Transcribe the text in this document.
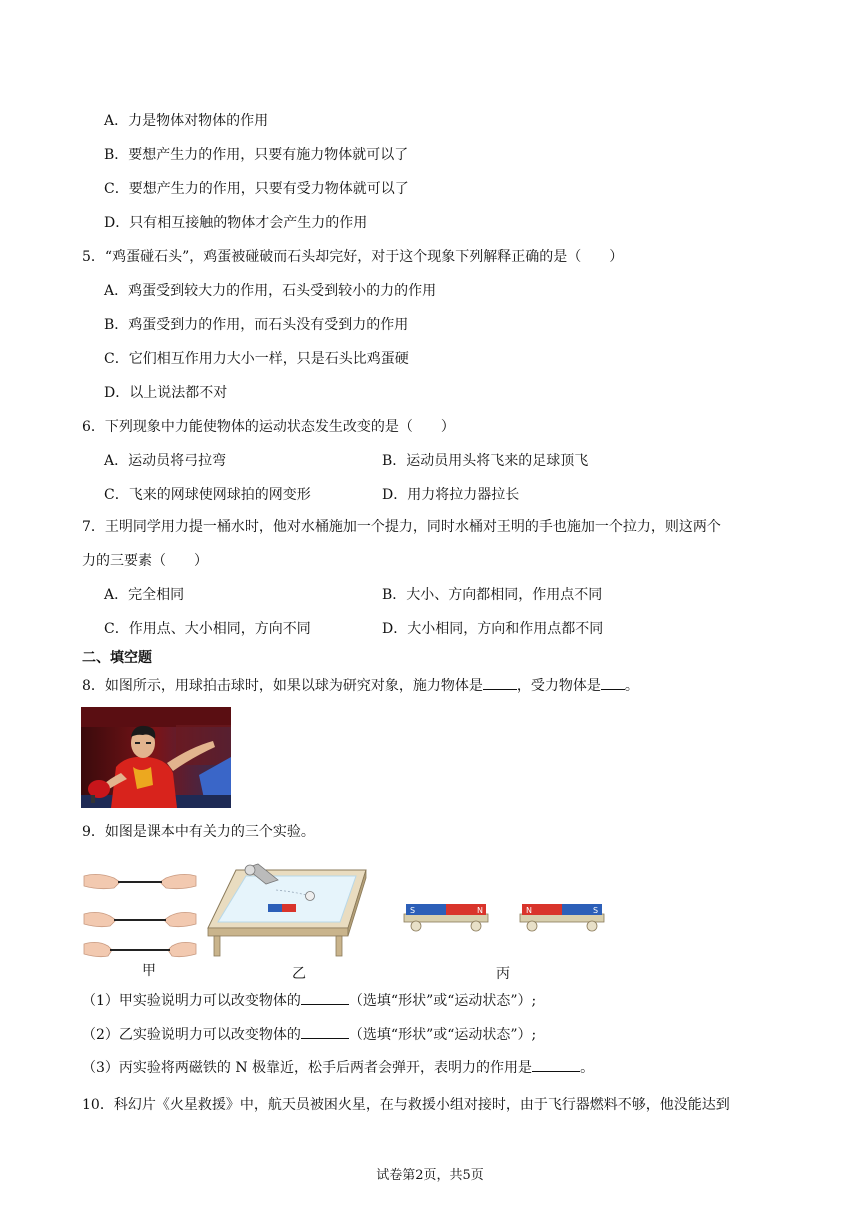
A．力是物体对物体的作用
B．要想产生力的作用，只要有施力物体就可以了
C．要想产生力的作用，只要有受力物体就可以了
D．只有相互接触的物体才会产生力的作用
5．“鸡蛋碰石头”，鸡蛋被碰破而石头却完好，对于这个现象下列解释正确的是（　　）
A．鸡蛋受到较大力的作用，石头受到较小的力的作用
B．鸡蛋受到力的作用，而石头没有受到力的作用
C．它们相互作用力大小一样，只是石头比鸡蛋硬
D．以上说法都不对
6．下列现象中力能使物体的运动状态发生改变的是（　　）
A．运动员将弓拉弯	B．运动员用头将飞来的足球顶飞
C．飞来的网球使网球拍的网变形	D．用力将拉力器拉长
7．王明同学用力提一桶水时，他对水桶施加一个提力，同时水桶对王明的手也施加一个拉力，则这两个
力的三要素（　　）
A．完全相同	B．大小、方向都相同，作用点不同
C．作用点、大小相同，方向不同	D．大小相同，方向和作用点都不同
二、填空题
8．如图所示，用球拍击球时，如果以球为研究对象，施力物体是 ，受力物体是 。
9．如图是课本中有关力的三个实验。
甲	乙
S	N	N	S
丙
（1）甲实验说明力可以改变物体的	（选填“形状”或“运动状态”）;
（2）乙实验说明力可以改变物体的	（选填“形状”或“运动状态”）;
（3）丙实验将两磁铁的 N 极靠近，松手后两者会弹开，表明力的作用是	。
10．科幻片《火星救援》中，航天员被困火星，在与救援小组对接时，由于飞行器燃料不够，他没能达到
试卷第2页，共5页
